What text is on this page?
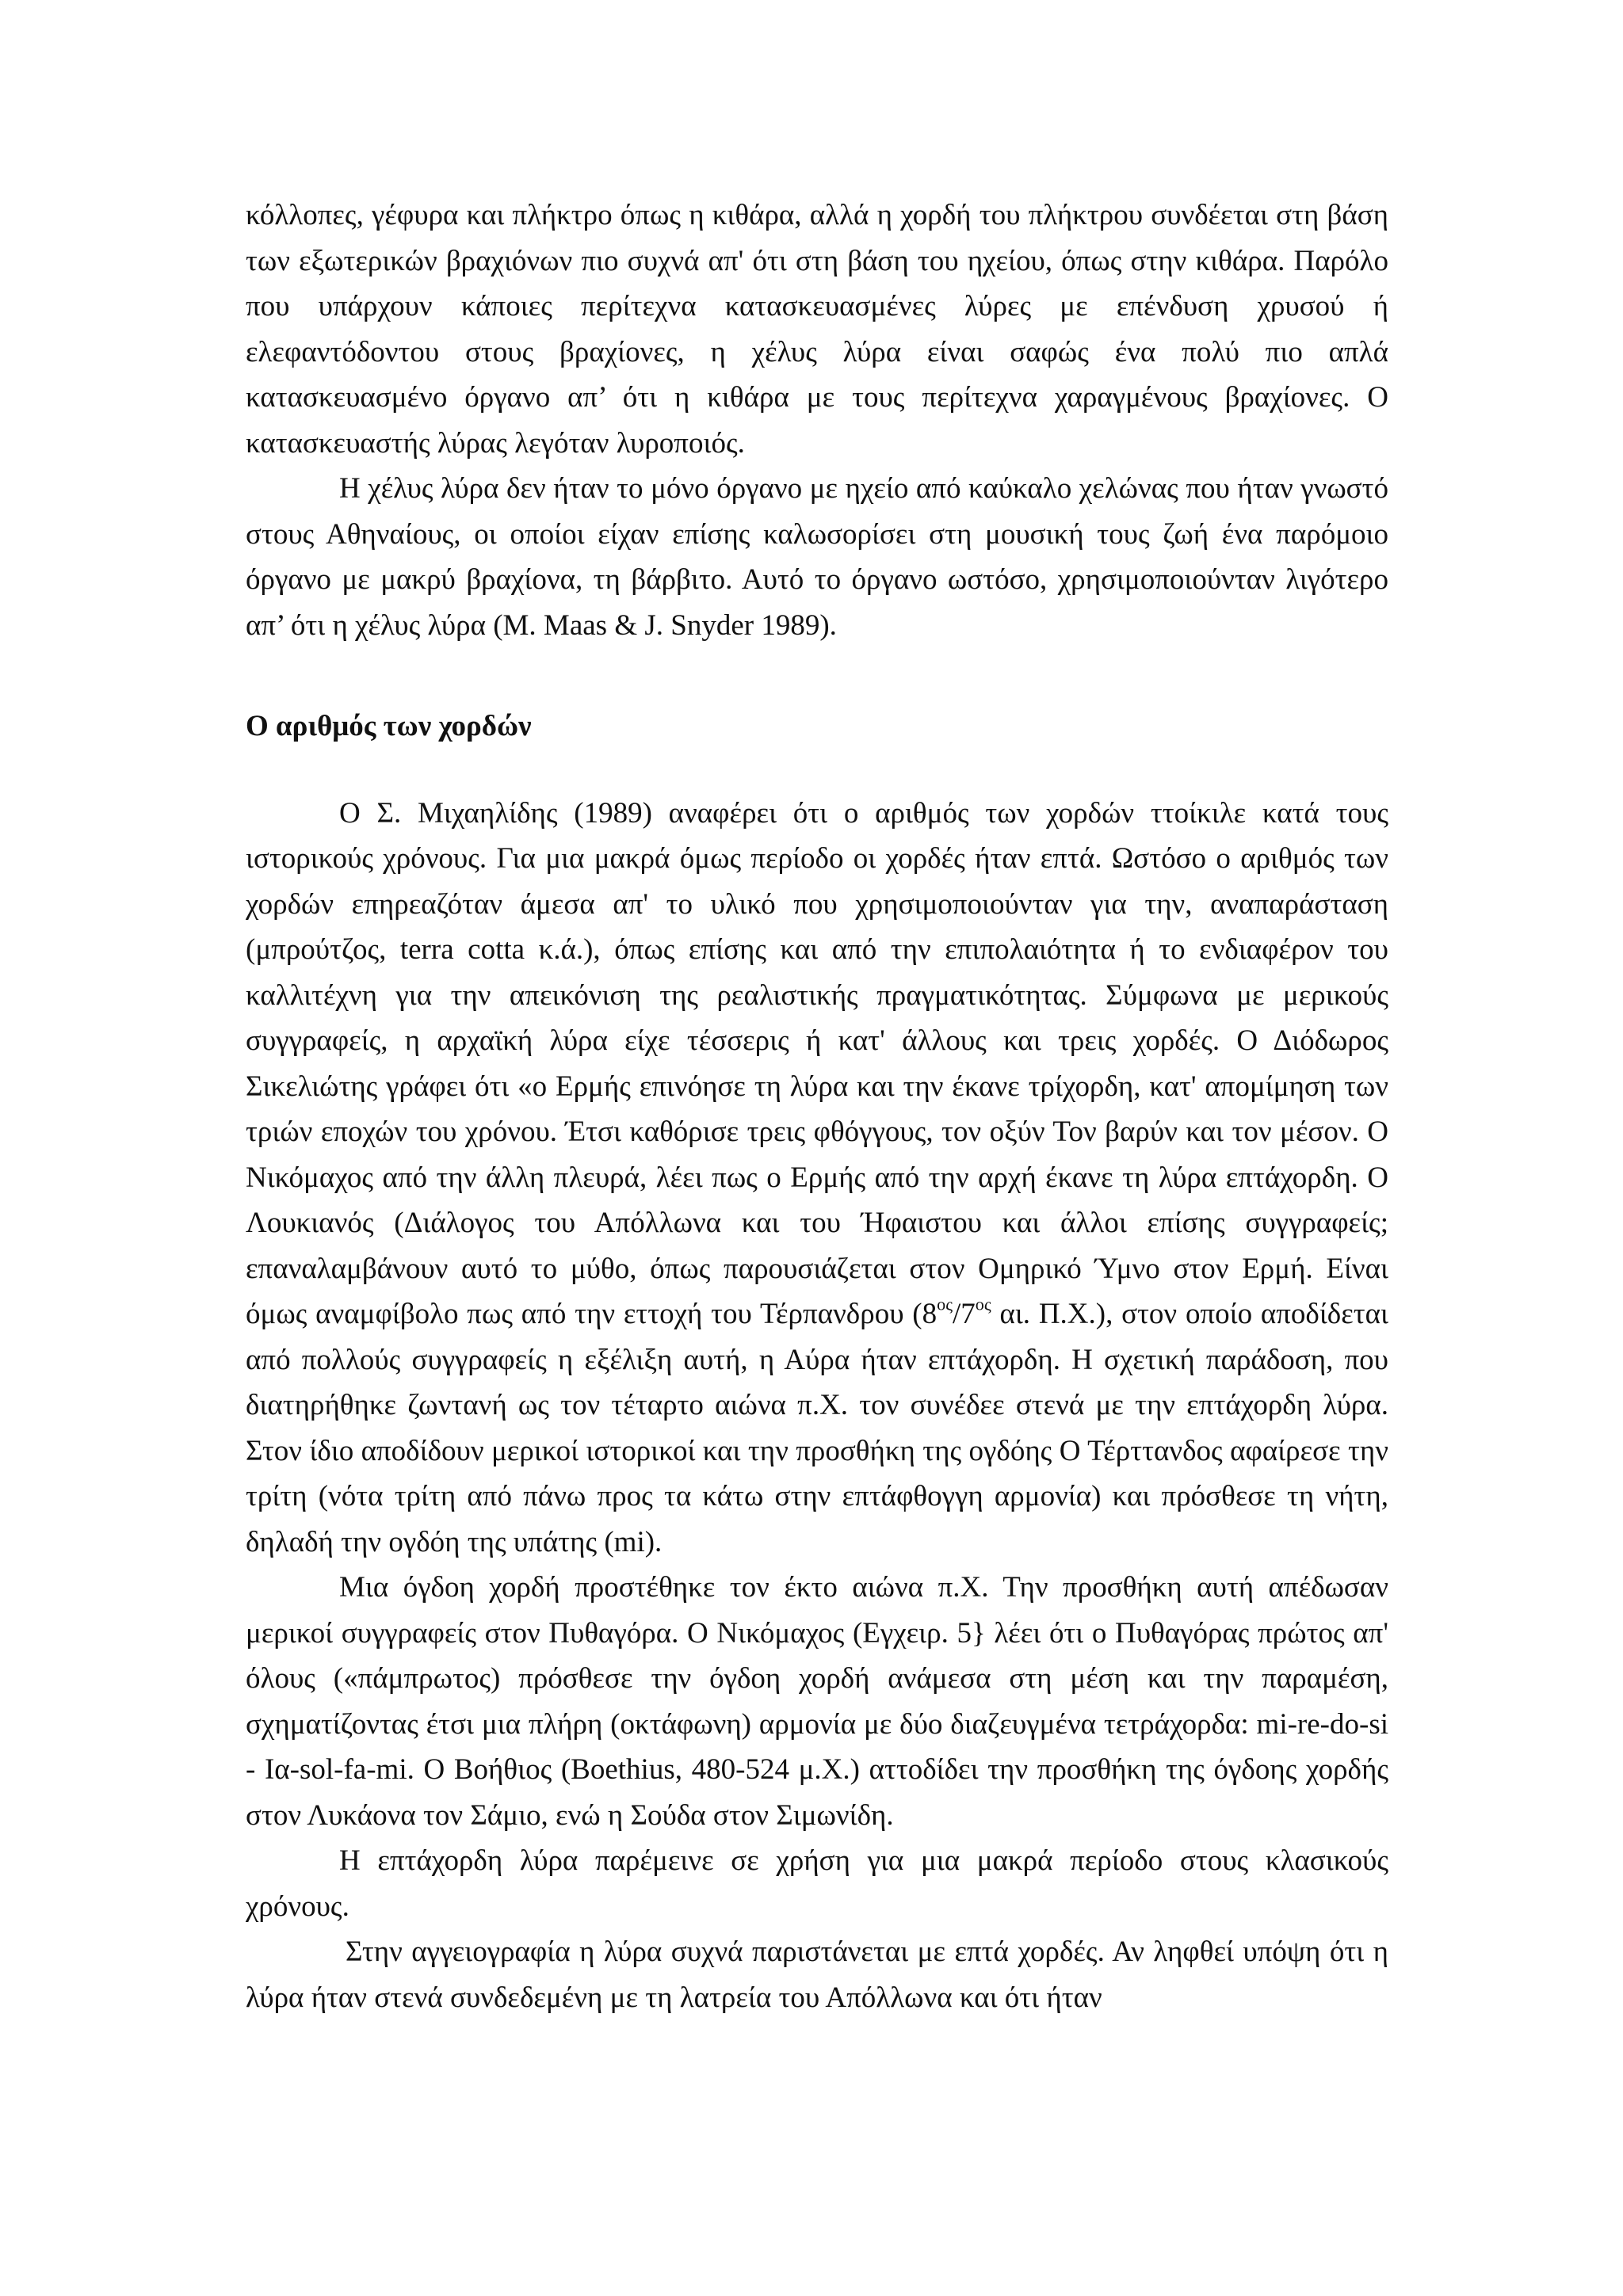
κόλλοπες, γέφυρα και πλήκτρο όπως η κιθάρα, αλλά η χορδή του πλήκτρου συνδέεται στη βάση των εξωτερικών βραχιόνων πιο συχνά απ' ότι στη βάση του ηχείου, όπως στην κιθάρα. Παρόλο που υπάρχουν κάποιες περίτεχνα κατασκευασμένες λύρες με επένδυση χρυσού ή ελεφαντόδοντου στους βραχίονες, η χέλυς λύρα είναι σαφώς ένα πολύ πιο απλά κατασκευασμένο όργανο απ’ ότι η κιθάρα με τους περίτεχνα χαραγμένους βραχίονες. Ο κατασκευαστής λύρας λεγόταν λυροποιός.

Η χέλυς λύρα δεν ήταν το μόνο όργανο με ηχείο από καύκαλο χελώνας που ήταν γνωστό στους Αθηναίους, οι οποίοι είχαν επίσης καλωσορίσει στη μουσική τους ζωή ένα παρόμοιο όργανο με μακρύ βραχίονα, τη βάρβιτο. Αυτό το όργανο ωστόσο, χρησιμοποιούνταν λιγότερο απ’ ότι η χέλυς λύρα (M. Maas & J. Snyder 1989).

Ο αριθμός των χορδών

Ο Σ. Μιχαηλίδης (1989) αναφέρει ότι ο αριθμός των χορδών ττοίκιλε κατά τους ιστορικούς χρόνους. Για μια μακρά όμως περίοδο οι χορδές ήταν επτά. Ωστόσο ο αριθμός των χορδών επηρεαζόταν άμεσα απ' το υλικό που χρησιμοποιούνταν για την, αναπαράσταση (μπρούτζος, terra cotta κ.ά.), όπως επίσης και από την επιπολαιότητα ή το ενδιαφέρον του καλλιτέχνη για την απεικόνιση της ρεαλιστικής πραγματικότητας. Σύμφωνα με μερικούς συγγραφείς, η αρχαϊκή λύρα είχε τέσσερις ή κατ' άλλους και τρεις χορδές. Ο Διόδωρος Σικελιώτης γράφει ότι «ο Ερμής επινόησε τη λύρα και την έκανε τρίχορδη, κατ' απομίμηση των τριών εποχών του χρόνου. Έτσι καθόρισε τρεις φθόγγους, τον οξύν Τον βαρύν και τον μέσον. Ο Νικόμαχος από την άλλη πλευρά, λέει πως ο Ερμής από την αρχή έκανε τη λύρα επτάχορδη. Ο Λουκιανός (Διάλογος του Απόλλωνα και του Ήφαιστου και άλλοι επίσης συγγραφείς; επαναλαμβάνουν αυτό το μύθο, όπως παρουσιάζεται στον Ομηρικό Ύμνο στον Ερμή. Είναι όμως αναμφίβολο πως από την εττοχή του Τέρπανδρου ($8^{o\varsigma}/7^{o\varsigma}$ αι. Π.Χ.), στον οποίο αποδίδεται από πολλούς συγγραφείς η εξέλιξη αυτή, η Αύρα ήταν επτάχορδη. Η σχετική παράδοση, που διατηρήθηκε ζωντανή ως τον τέταρτο αιώνα π.Χ. τον συνέδεε στενά με την επτάχορδη λύρα. Στον ίδιο αποδίδουν μερικοί ιστορικοί και την προσθήκη της ογδόης Ο Τέρττανδος αφαίρεσε την τρίτη (νότα τρίτη από πάνω προς τα κάτω στην επτάφθογγη αρμονία) και πρόσθεσε τη νήτη, δηλαδή την ογδόη της υπάτης (mi).

Μια όγδοη χορδή προστέθηκε τον έκτο αιώνα π.Χ. Την προσθήκη αυτή απέδωσαν μερικοί συγγραφείς στον Πυθαγόρα. Ο Νικόμαχος (Εγχειρ. 5} λέει ότι ο Πυθαγόρας πρώτος απ' όλους («πάμπρωτος) πρόσθεσε την όγδοη χορδή ανάμεσα στη μέση και την παραμέση, σχηματίζοντας έτσι μια πλήρη (οκτάφωνη) αρμονία με δύο διαζευγμένα τετράχορδα: mi-re-do-si - Ια-sol-fa-mi. Ο Βοήθιος (Boethius, 480-524 μ.Χ.) αττοδίδει την προσθήκη της όγδοης χορδής στον Λυκάονα τον Σάμιο, ενώ η Σούδα στον Σιμωνίδη.

Η επτάχορδη λύρα παρέμεινε σε χρήση για μια μακρά περίοδο στους κλασικούς χρόνους.

Στην αγγειογραφία η λύρα συχνά παριστάνεται με επτά χορδές. Αν ληφθεί υπόψη ότι η λύρα ήταν στενά συνδεδεμένη με τη λατρεία του Απόλλωνα και ότι ήταν
